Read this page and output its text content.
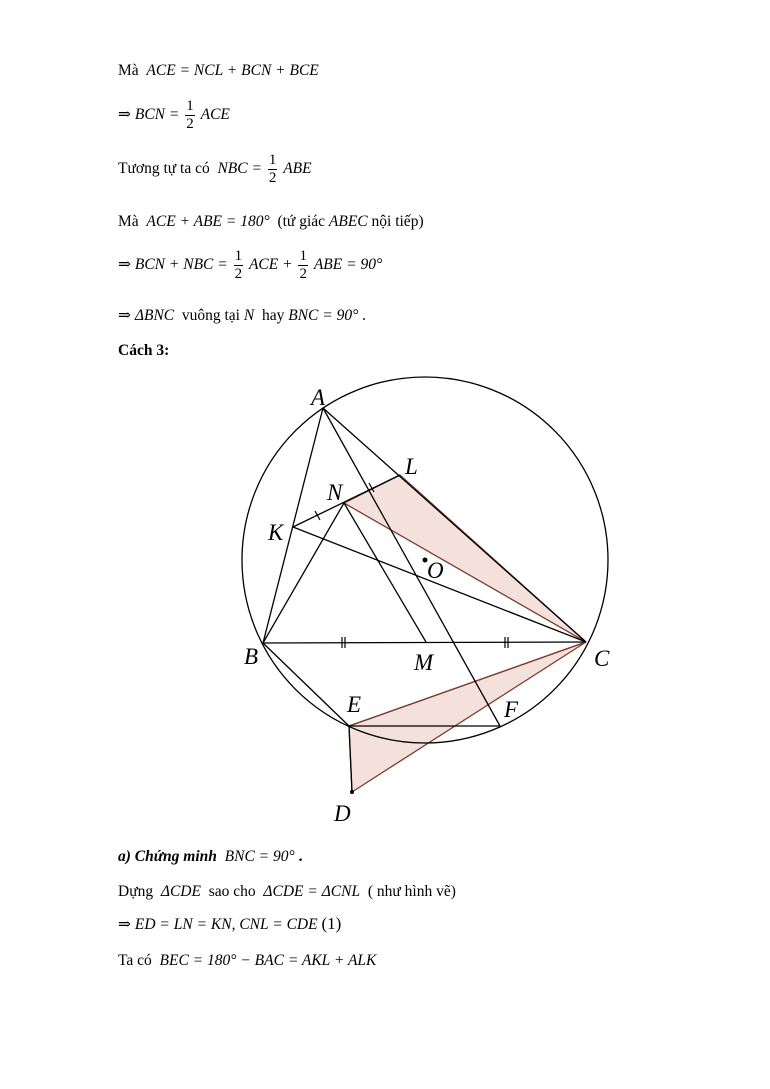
Mà ACE = NCL + BCN + BCE
⇒ BCN = $\frac{1}{2}$ ACE
Tương tự ta có NBC = $\frac{1}{2}$ ABE
Mà ACE + ABE = 180° (tứ giác ABEC nội tiếp)
⇒ BCN + NBC = $\frac{1}{2}$ ACE + $\frac{1}{2}$ ABE = 90°
⇒ ΔBNC vuông tại N hay BNC = 90° .
Cách 3:
A
L
N
K
O
B	M	C
E	F
D
a) Chứng minh BNC = 90° .
Dựng ΔCDE sao cho ΔCDE = ΔCNL ( như hình vẽ)
⇒ ED = LN = KN, CNL = CDE (1)
Ta có BEC = 180° − BAC = AKL + ALK
